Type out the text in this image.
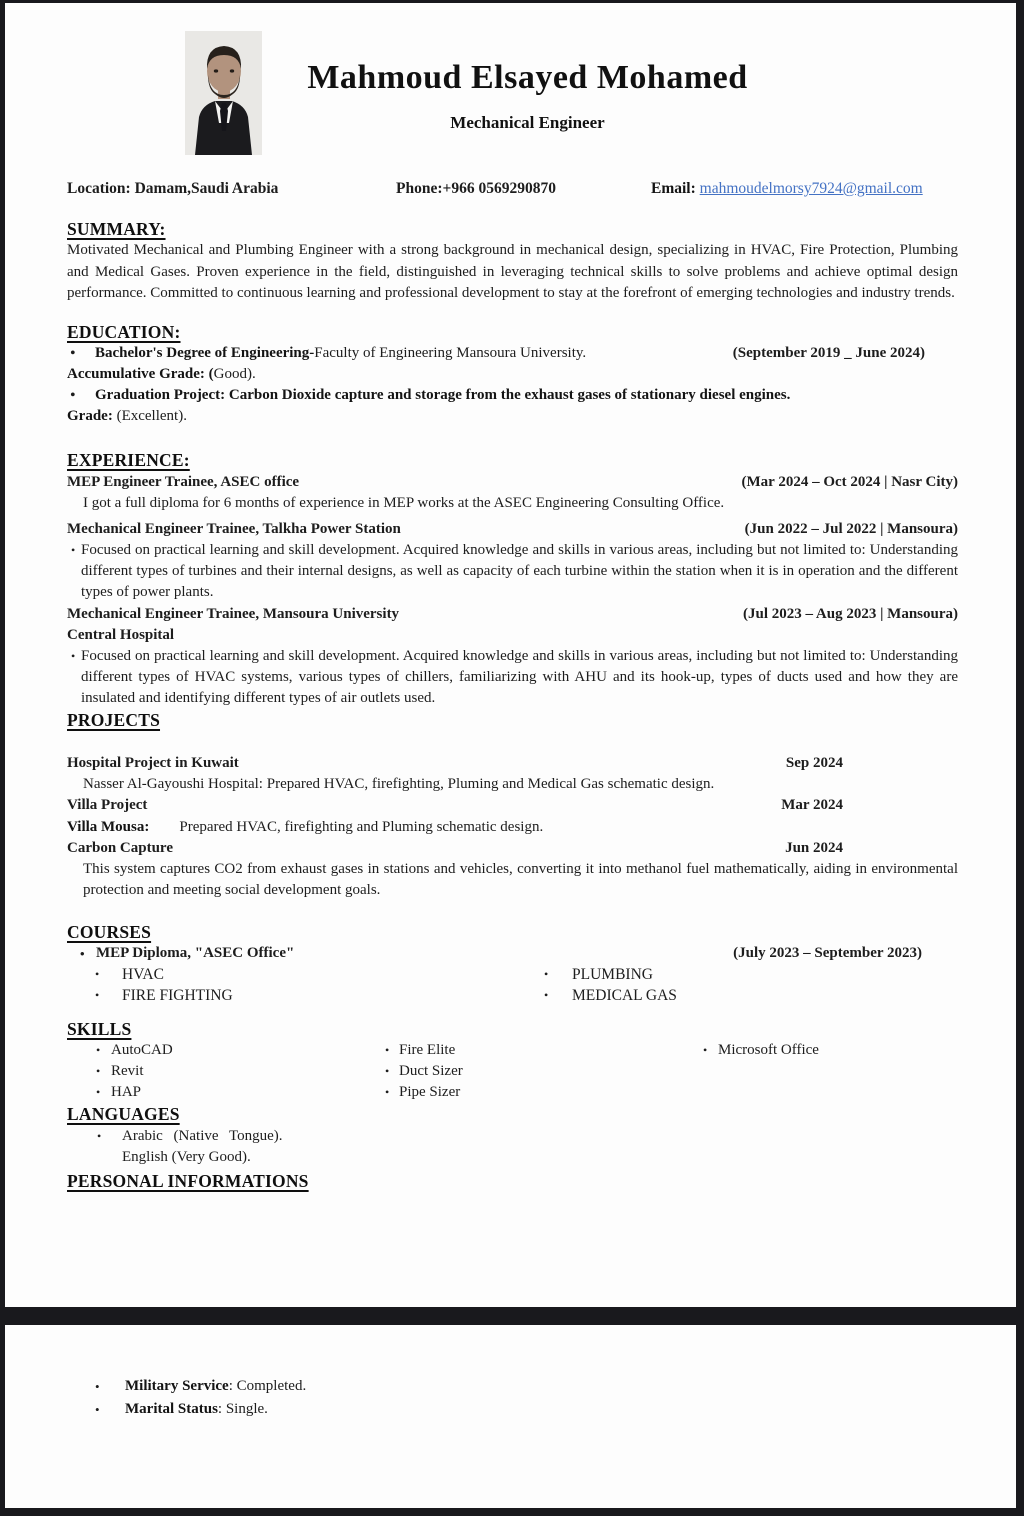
Mahmoud Elsayed Mohamed
Mechanical Engineer
Location: Damam,Saudi Arabia	Phone:+966 0569290870	Email: mahmoudelmorsy7924@gmail.com
SUMMARY:
Motivated Mechanical and Plumbing Engineer with a strong background in mechanical design, specializing in HVAC, Fire Protection, Plumbing and Medical Gases. Proven experience in the field, distinguished in leveraging technical skills to solve problems and achieve optimal design performance. Committed to continuous learning and professional development to stay at the forefront of emerging technologies and industry trends.
EDUCATION:
• Bachelor's Degree of Engineering-Faculty of Engineering Mansoura University.	(September 2019 _ June 2024)
Accumulative Grade: (Good).
• Graduation Project: Carbon Dioxide capture and storage from the exhaust gases of stationary diesel engines.
Grade: (Excellent).
EXPERIENCE:
MEP Engineer Trainee, ASEC office	(Mar 2024 – Oct 2024 | Nasr City)
I got a full diploma for 6 months of experience in MEP works at the ASEC Engineering Consulting Office.
Mechanical Engineer Trainee, Talkha Power Station	(Jun 2022 – Jul 2022 | Mansoura)
• Focused on practical learning and skill development. Acquired knowledge and skills in various areas, including but not limited to: Understanding different types of turbines and their internal designs, as well as capacity of each turbine within the station when it is in operation and the different types of power plants.
Mechanical Engineer Trainee, Mansoura University	(Jul 2023 – Aug 2023 | Mansoura)
Central Hospital
• Focused on practical learning and skill development. Acquired knowledge and skills in various areas, including but not limited to: Understanding different types of HVAC systems, various types of chillers, familiarizing with AHU and its hook-up, types of ducts used and how they are insulated and identifying different types of air outlets used.
PROJECTS
Hospital Project in Kuwait	Sep 2024
Nasser Al-Gayoushi Hospital: Prepared HVAC, firefighting, Pluming and Medical Gas schematic design.
Villa Project	Mar 2024
Villa Mousa: Prepared HVAC, firefighting and Pluming schematic design.
Carbon Capture	Jun 2024
This system captures CO2 from exhaust gases in stations and vehicles, converting it into methanol fuel mathematically, aiding in environmental protection and meeting social development goals.
COURSES
• MEP Diploma, "ASEC Office"	(July 2023 – September 2023)
• HVAC
• FIRE FIGHTING
• PLUMBING
• MEDICAL GAS
SKILLS
• AutoCAD
• Revit
• HAP
• Fire Elite
• Duct Sizer
• Pipe Sizer
• Microsoft Office
LANGUAGES
• Arabic (Native Tongue).
English (Very Good).
PERSONAL INFORMATIONS
• Military Service: Completed.
• Marital Status: Single.
